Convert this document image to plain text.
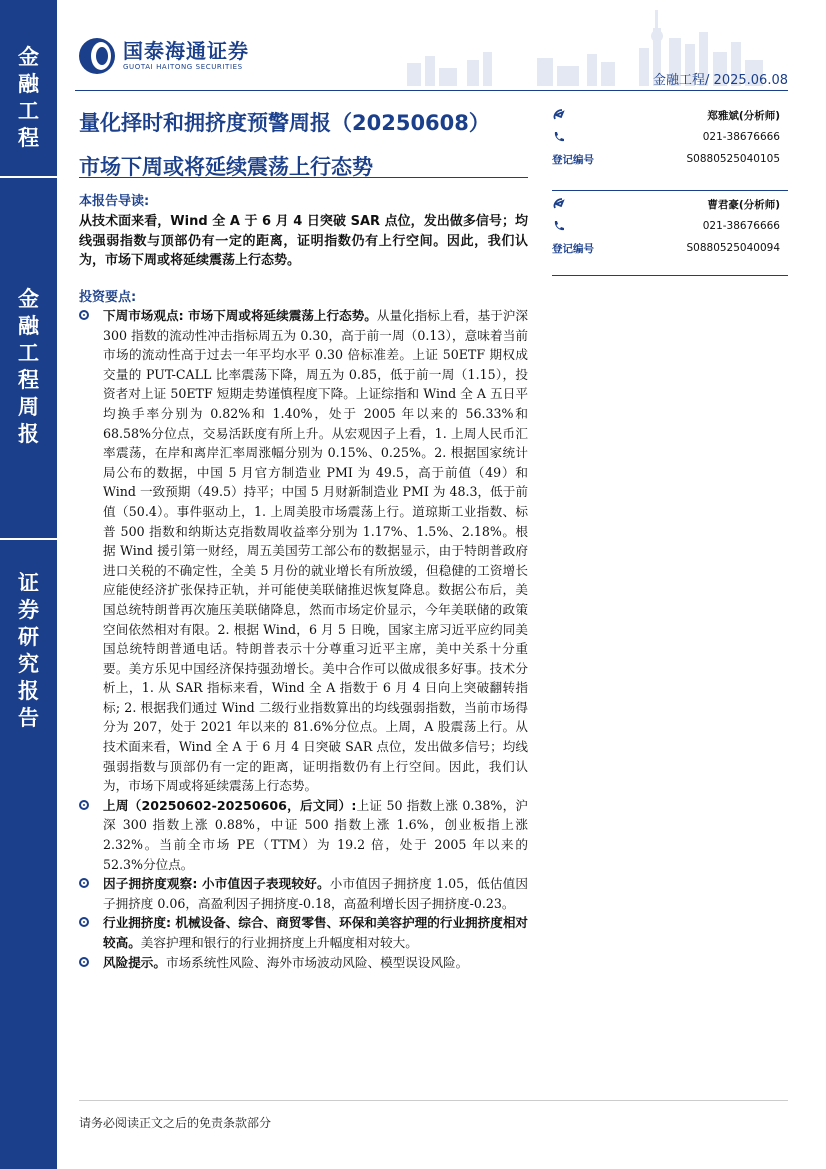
金
融
工
程
金
融
工
程
周
报
证
券
研
究
报
告
国泰海通证券
GUOTAI HAITONG SECURITIES
金融工程/ 2025.06.08
量化择时和拥挤度预警周报（20250608）
市场下周或将延续震荡上行态势
本报告导读:
从技术面来看，Wind 全 A 于 6 月 4 日突破 SAR 点位，发出做多信号；均线强弱指数与顶部仍有一定的距离，证明指数仍有上行空间。因此，我们认为，市场下周或将延续震荡上行态势。
投资要点:
下周市场观点: 市场下周或将延续震荡上行态势。从量化指标上看，基于沪深 300 指数的流动性冲击指标周五为 0.30，高于前一周（0.13），意味着当前市场的流动性高于过去一年平均水平 0.30 倍标准差。上证 50ETF 期权成交量的 PUT-CALL 比率震荡下降，周五为 0.85，低于前一周（1.15），投资者对上证 50ETF 短期走势谨慎程度下降。上证综指和 Wind 全 A 五日平均换手率分别为 0.82%和 1.40%，处于 2005 年以来的 56.33%和 68.58%分位点，交易活跃度有所上升。从宏观因子上看，1. 上周人民币汇率震荡，在岸和离岸汇率周涨幅分别为 0.15%、0.25%。2. 根据国家统计局公布的数据，中国 5 月官方制造业 PMI 为 49.5，高于前值（49）和 Wind 一致预期（49.5）持平；中国 5 月财新制造业 PMI 为 48.3，低于前值（50.4）。事件驱动上，1. 上周美股市场震荡上行。道琼斯工业指数、标普 500 指数和纳斯达克指数周收益率分别为 1.17%、1.5%、2.18%。根据 Wind 援引第一财经，周五美国劳工部公布的数据显示，由于特朗普政府进口关税的不确定性，全美 5 月份的就业增长有所放缓，但稳健的工资增长应能使经济扩张保持正轨，并可能使美联储推迟恢复降息。数据公布后，美国总统特朗普再次施压美联储降息，然而市场定价显示，今年美联储的政策空间依然相对有限。2. 根据 Wind，6 月 5 日晚，国家主席习近平应约同美国总统特朗普通电话。特朗普表示十分尊重习近平主席，美中关系十分重要。美方乐见中国经济保持强劲增长。美中合作可以做成很多好事。技术分析上，1. 从 SAR 指标来看，Wind 全 A 指数于 6 月 4 日向上突破翻转指标; 2. 根据我们通过 Wind 二级行业指数算出的均线强弱指数，当前市场得分为 207，处于 2021 年以来的 81.6%分位点。上周，A 股震荡上行。从技术面来看，Wind 全 A 于 6 月 4 日突破 SAR 点位，发出做多信号；均线强弱指数与顶部仍有一定的距离，证明指数仍有上行空间。因此，我们认为，市场下周或将延续震荡上行态势。
上周（20250602-20250606，后文同）:上证 50 指数上涨 0.38%，沪深 300 指数上涨 0.88%，中证 500 指数上涨 1.6%，创业板指上涨 2.32%。当前全市场 PE（TTM）为 19.2 倍，处于 2005 年以来的 52.3%分位点。
因子拥挤度观察: 小市值因子表现较好。小市值因子拥挤度 1.05，低估值因子拥挤度 0.06，高盈利因子拥挤度-0.18，高盈利增长因子拥挤度-0.23。
行业拥挤度: 机械设备、综合、商贸零售、环保和美容护理的行业拥挤度相对较高。美容护理和银行的行业拥挤度上升幅度相对较大。
风险提示。市场系统性风险、海外市场波动风险、模型误设风险。
郑雅斌(分析师)
021-38676666
登记编号	S0880525040105
曹君豪(分析师)
021-38676666
登记编号	S0880525040094
请务必阅读正文之后的免责条款部分
